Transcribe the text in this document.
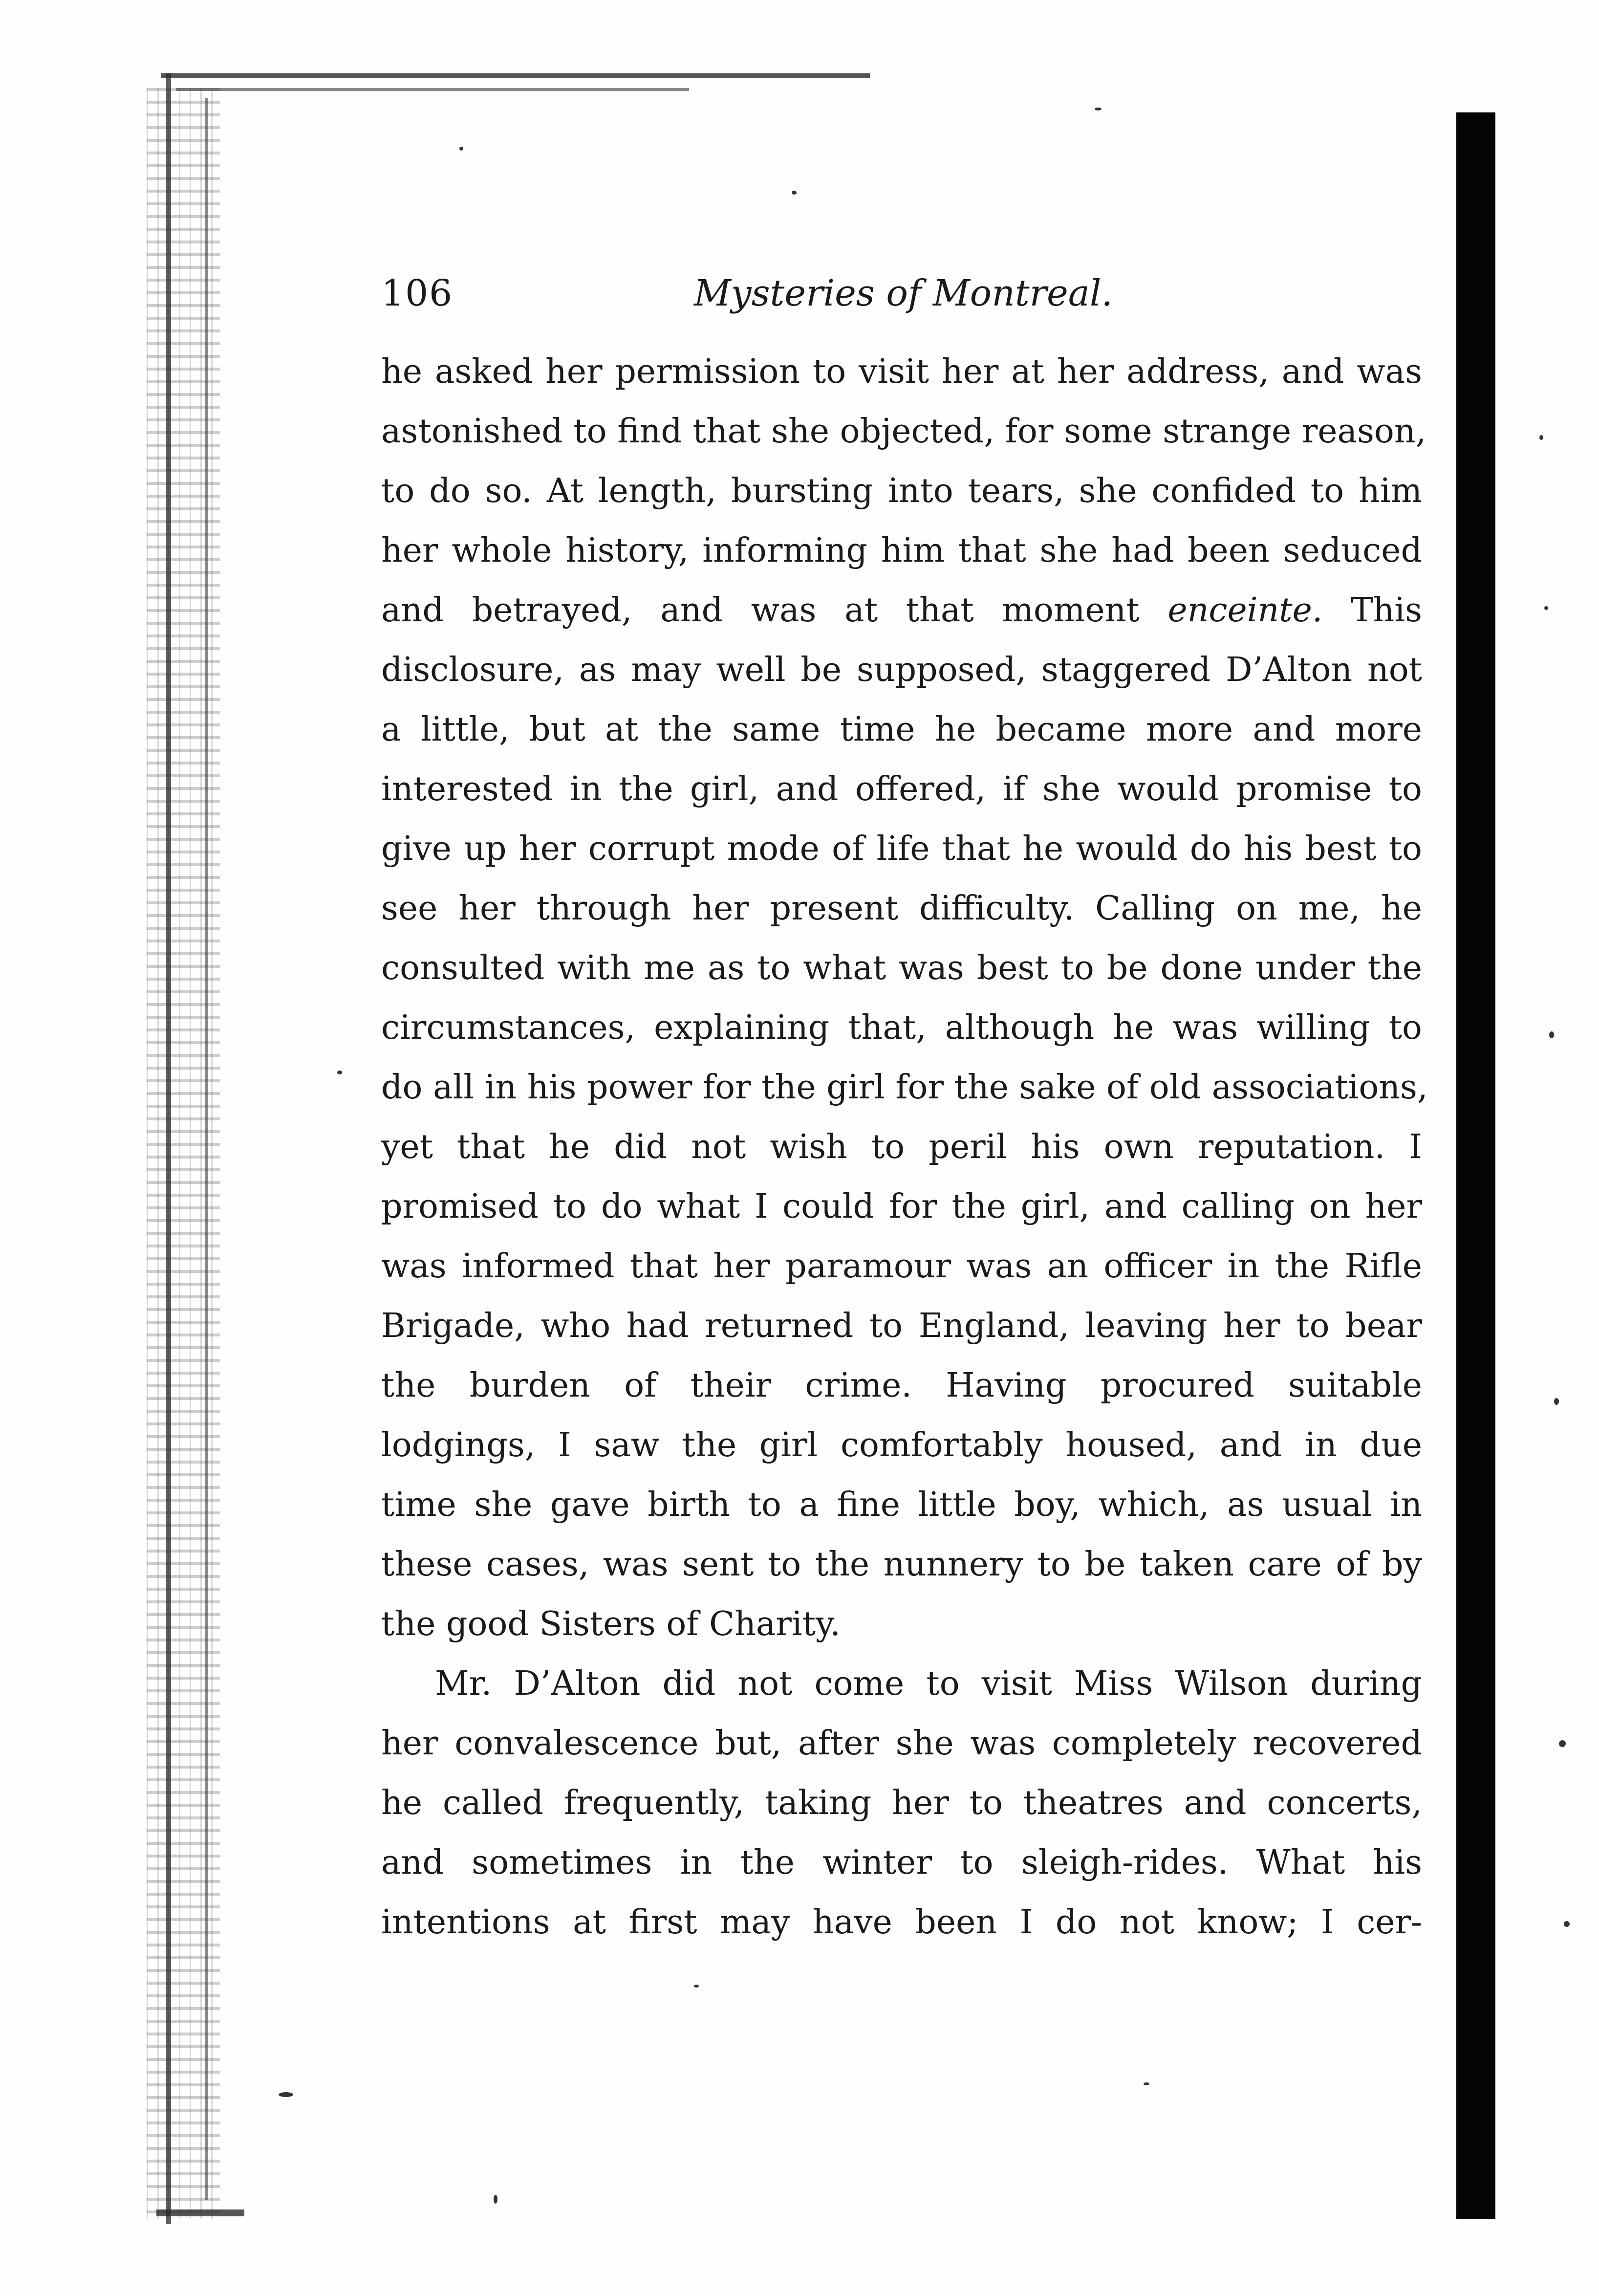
106	Mysteries of Montreal.
he asked her permission to visit her at her address, and was
astonished to find that she objected, for some strange reason,
to do so. At length, bursting into tears, she confided to him
her whole history, informing him that she had been seduced
and betrayed, and was at that moment enceinte. This
disclosure, as may well be supposed, staggered D’Alton not
a little, but at the same time he became more and more
interested in the girl, and offered, if she would promise to
give up her corrupt mode of life that he would do his best to
see her through her present difficulty. Calling on me, he
consulted with me as to what was best to be done under the
circumstances, explaining that, although he was willing to
do all in his power for the girl for the sake of old associations,
yet that he did not wish to peril his own reputation. I
promised to do what I could for the girl, and calling on her
was informed that her paramour was an officer in the Rifle
Brigade, who had returned to England, leaving her to bear
the burden of their crime. Having procured suitable
lodgings, I saw the girl comfortably housed, and in due
time she gave birth to a fine little boy, which, as usual in
these cases, was sent to the nunnery to be taken care of by
the good Sisters of Charity.
Mr. D’Alton did not come to visit Miss Wilson during
her convalescence but, after she was completely recovered
he called frequently, taking her to theatres and concerts,
and sometimes in the winter to sleigh-rides. What his
intentions at first may have been I do not know; I cer-
